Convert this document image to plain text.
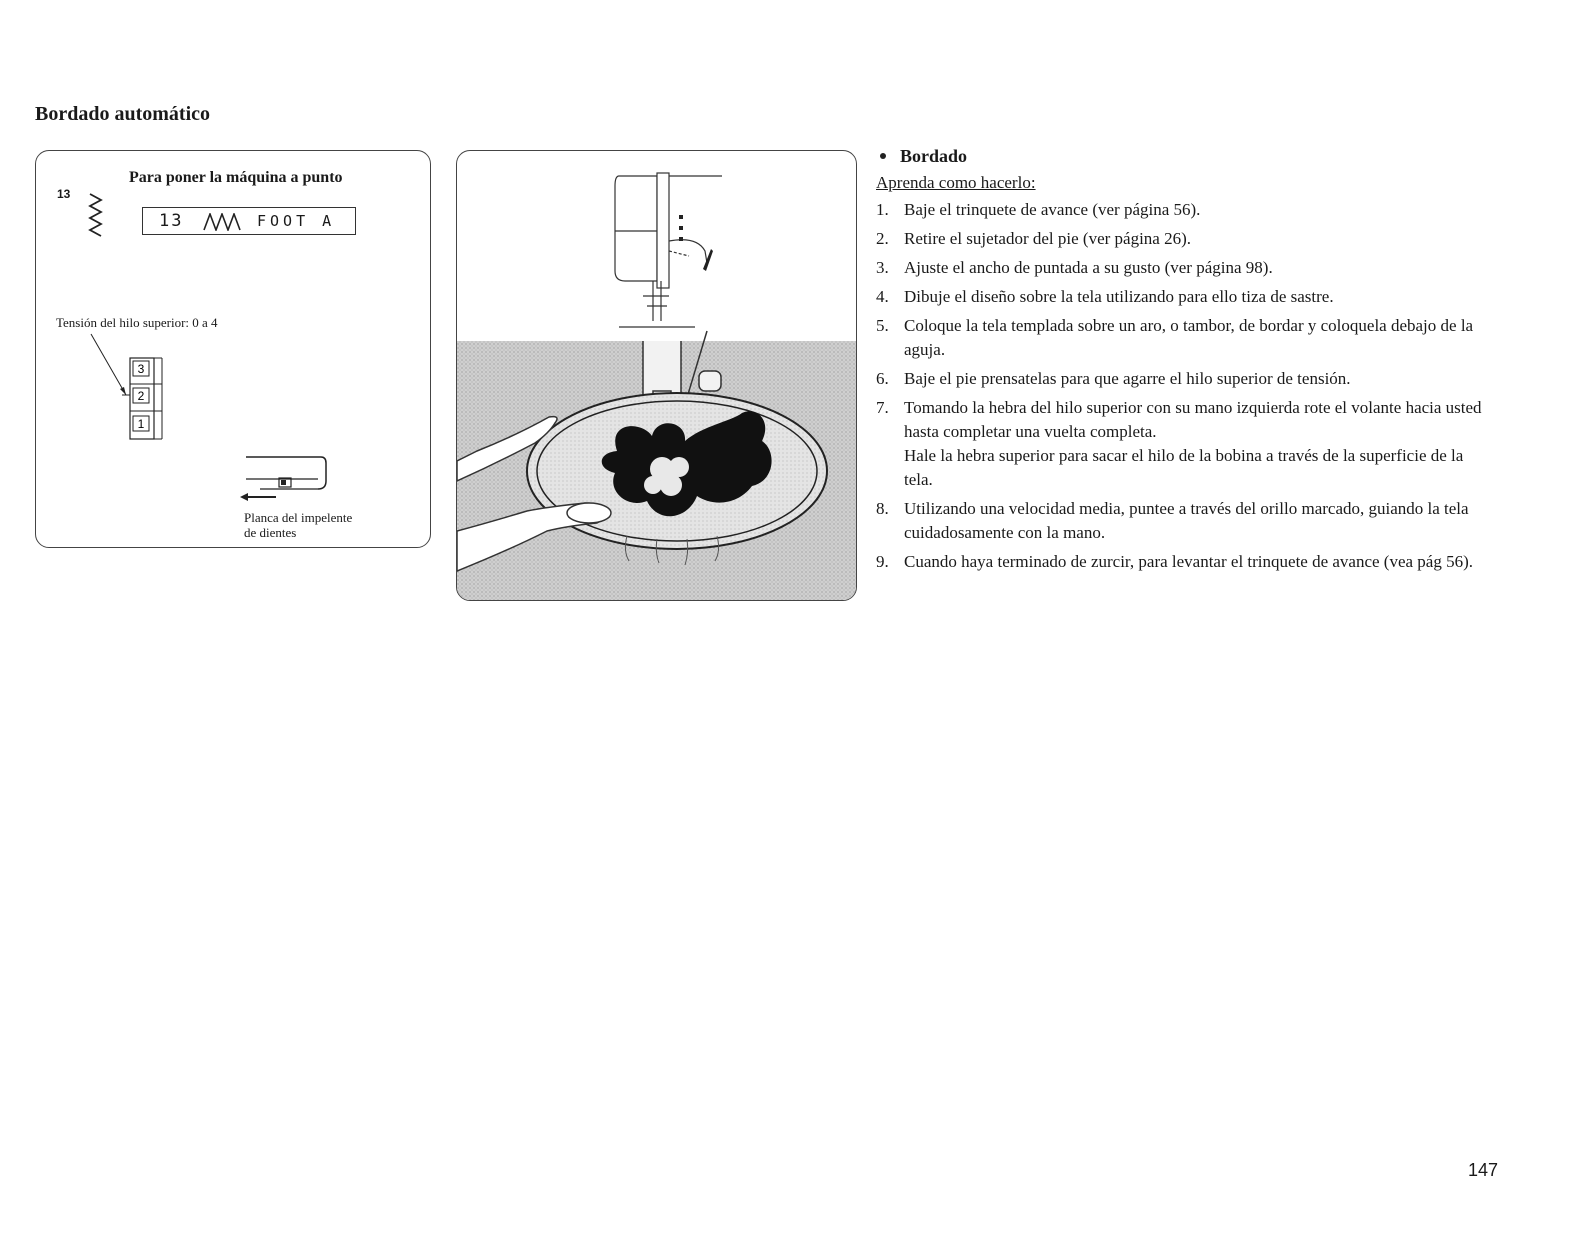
Bordado automático
Para poner la máquina a punto
13
13	FOOT A
Tensión del hilo superior: 0 a 4
3
2
1
Planca del impelente
de dientes
Bordado
Aprenda como hacerlo:
1. Baje el trinquete de avance (ver página 56).
2. Retire el sujetador del pie (ver página 26).
3. Ajuste el ancho de puntada a su gusto (ver página 98).
4. Dibuje el diseño sobre la tela utilizando para ello tiza de sastre.
5. Coloque la tela templada sobre un aro, o tambor, de bordar y coloquela debajo de la aguja.
6. Baje el pie prensatelas para que agarre el hilo superior de tensión.
7. Tomando la hebra del hilo superior con su mano izquierda rote el volante hacia usted hasta completar una vuelta completa.
Hale la hebra superior para sacar el hilo de la bobina a través de la superficie de la tela.
8. Utilizando una velocidad media, puntee a través del orillo marcado, guiando la tela cuidadosamente con la mano.
9. Cuando haya terminado de zurcir, para levantar el trinquete de avance (vea pág 56).
147
